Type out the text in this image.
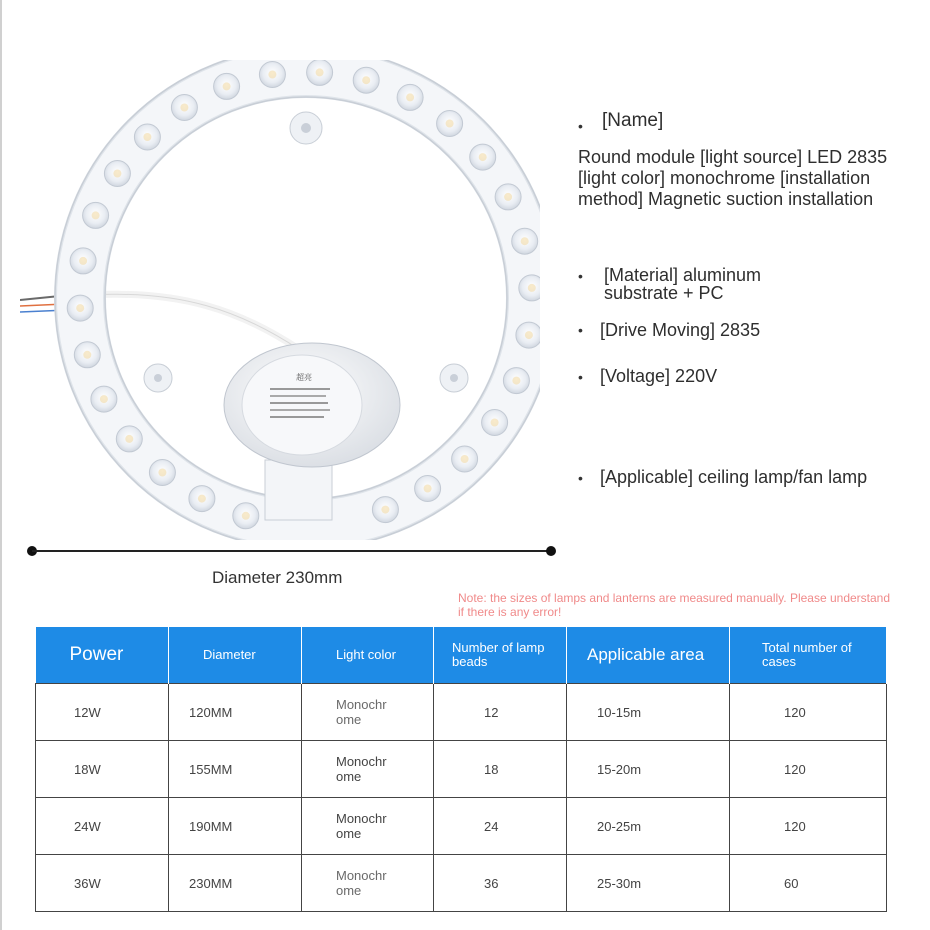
超亮
• [Name]
Round module [light source] LED 2835 [light color] monochrome [installation method] Magnetic suction installation
• [Material] aluminum
substrate + PC
• [Drive Moving] 2835
• [Voltage] 220V
• [Applicable] ceiling lamp/fan lamp
Diameter 230mm
Note: the sizes of lamps and lanterns are measured manually. Please understand if there is any error!
Power	Diameter	Light color	Number of lamp beads	Applicable area	Total number of cases
12W	120MM	Monochr ome	12	10-15m	120
18W	155MM	Monochr ome	18	15-20m	120
24W	190MM	Monochr ome	24	20-25m	120
36W	230MM	Monochr ome	36	25-30m	60
